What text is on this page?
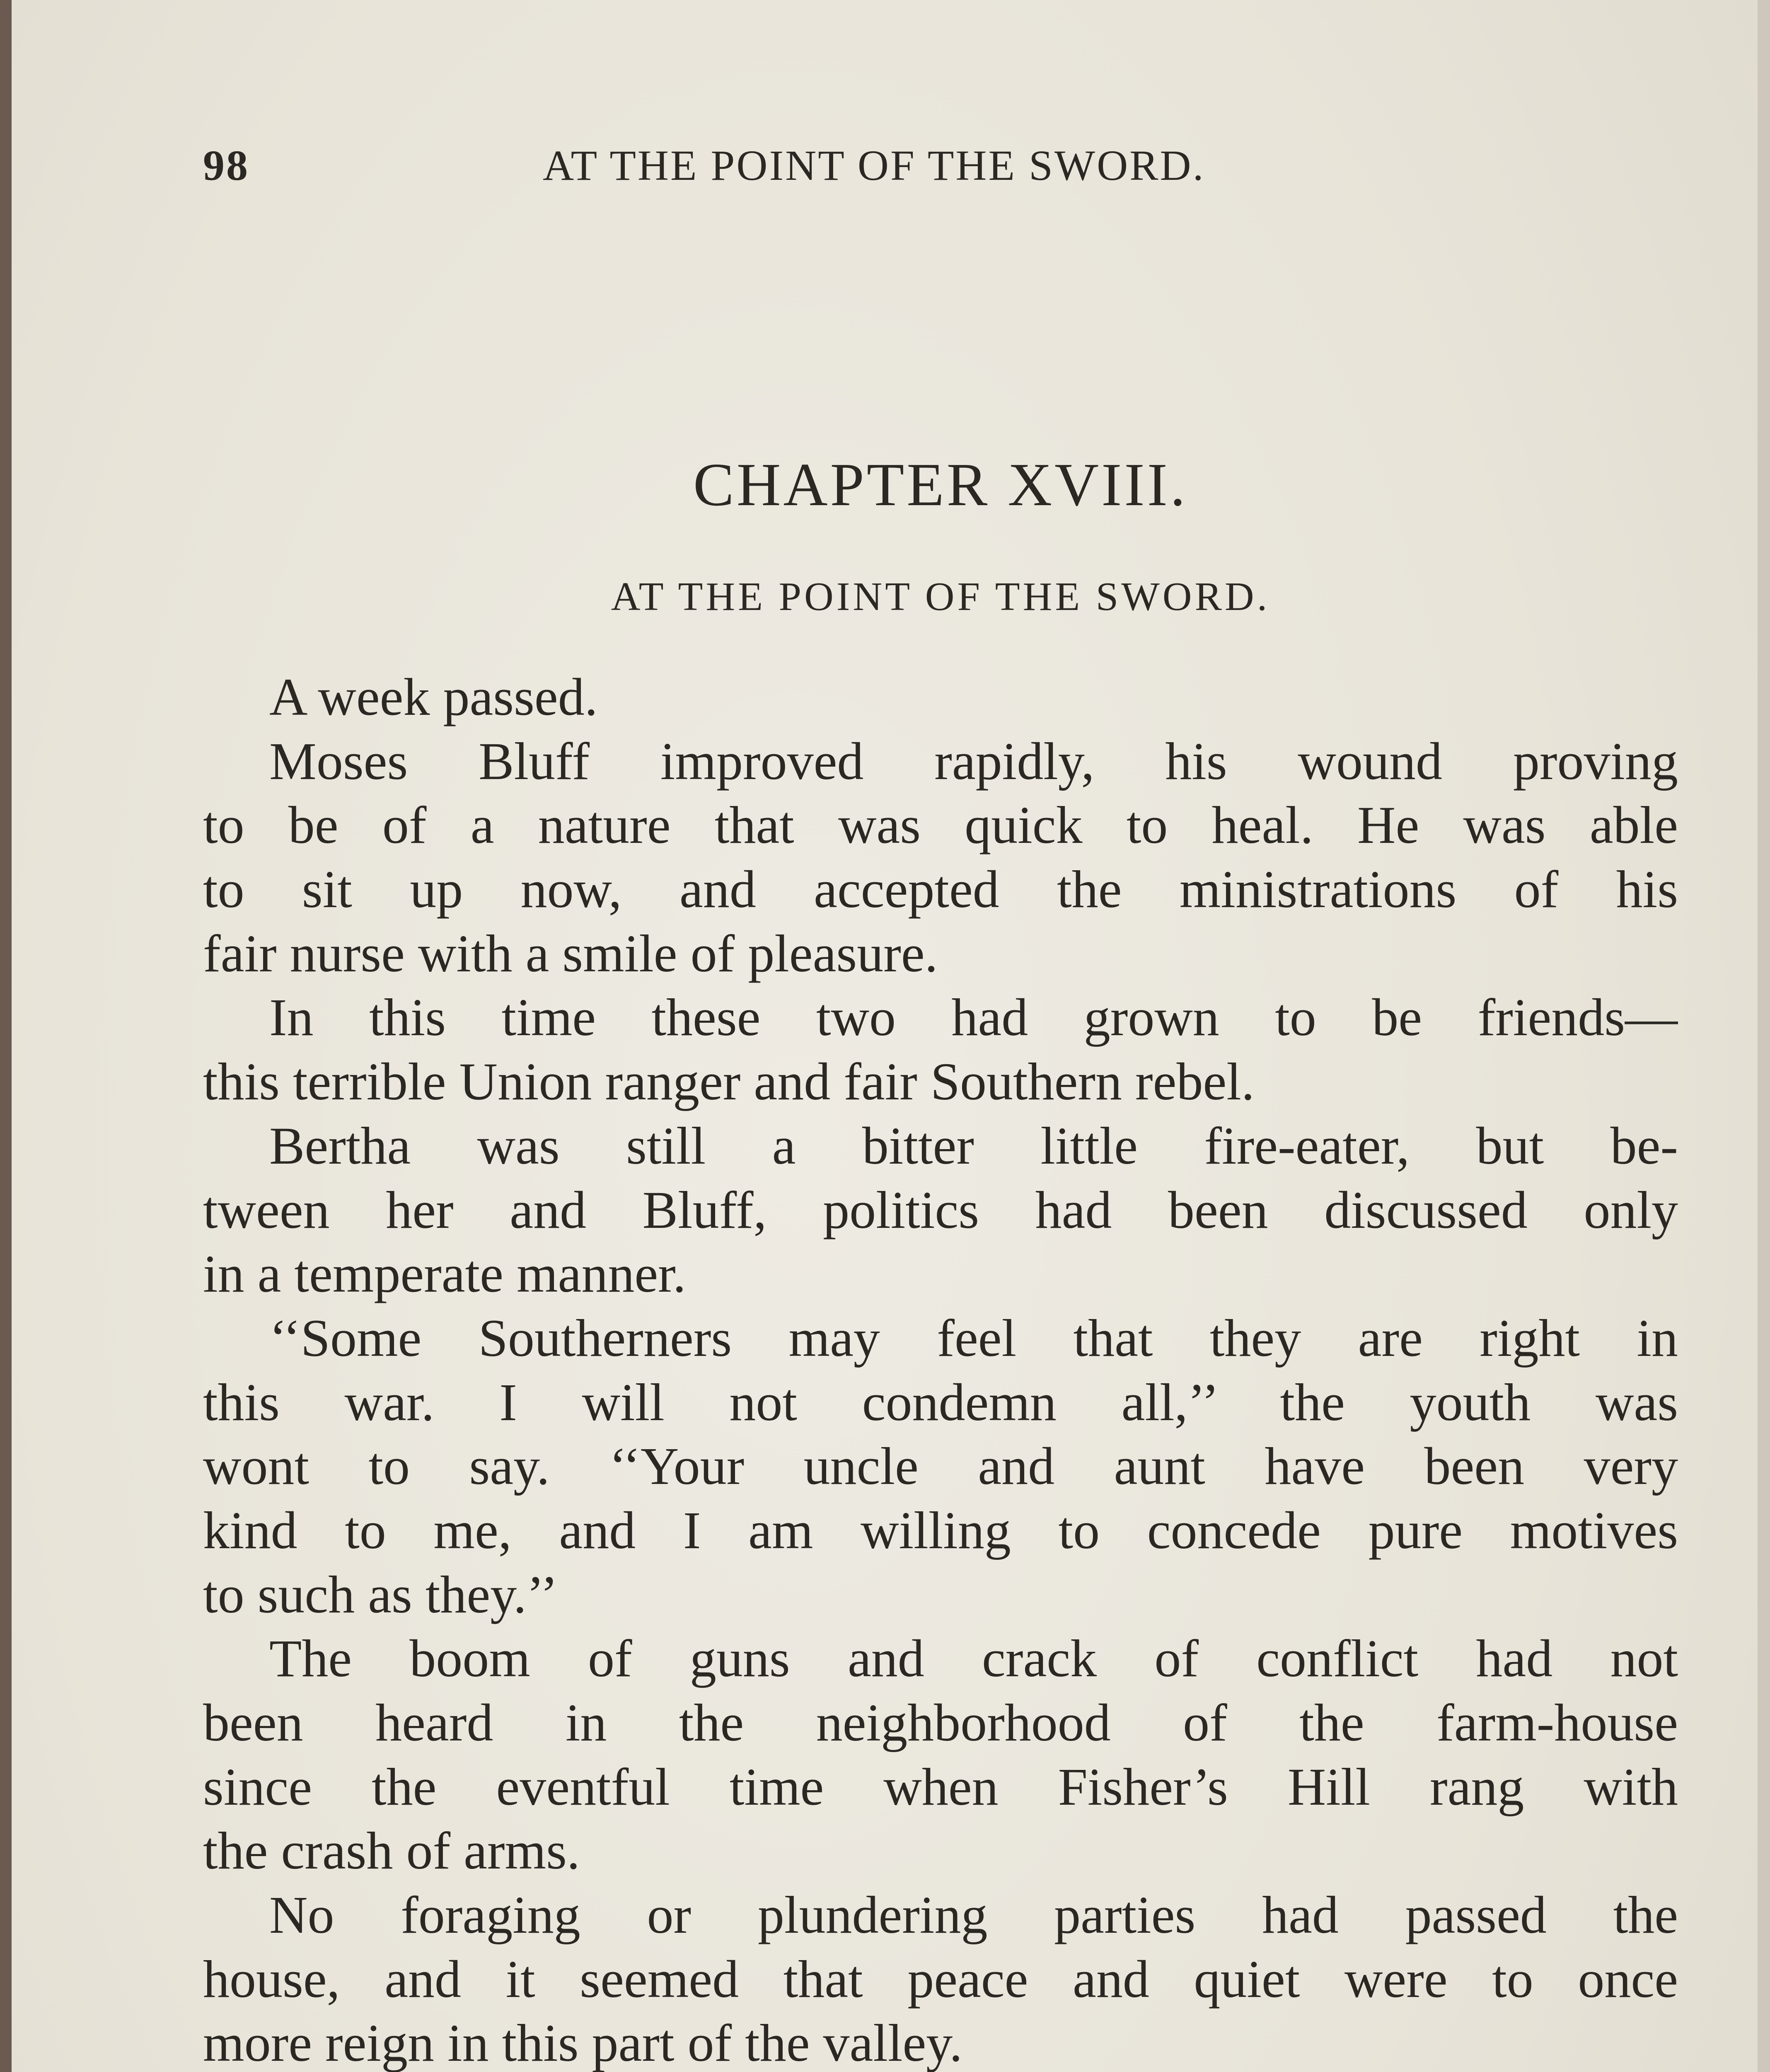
98	AT THE POINT OF THE SWORD.
CHAPTER XVIII.
AT THE POINT OF THE SWORD.
A week passed.
Moses Bluff improved rapidly, his wound proving
to be of a nature that was quick to heal. He was able
to sit up now, and accepted the ministrations of his
fair nurse with a smile of pleasure.
In this time these two had grown to be friends—
this terrible Union ranger and fair Southern rebel.
Bertha was still a bitter little fire-eater, but be-
tween her and Bluff, politics had been discussed only
in a temperate manner.
‘‘Some Southerners may feel that they are right in
this war. I will not condemn all,’’ the youth was
wont to say. ‘‘Your uncle and aunt have been very
kind to me, and I am willing to concede pure motives
to such as they.’’
The boom of guns and crack of conflict had not
been heard in the neighborhood of the farm-house
since the eventful time when Fisher’s Hill rang with
the crash of arms.
No foraging or plundering parties had passed the
house, and it seemed that peace and quiet were to once
more reign in this part of the valley.
